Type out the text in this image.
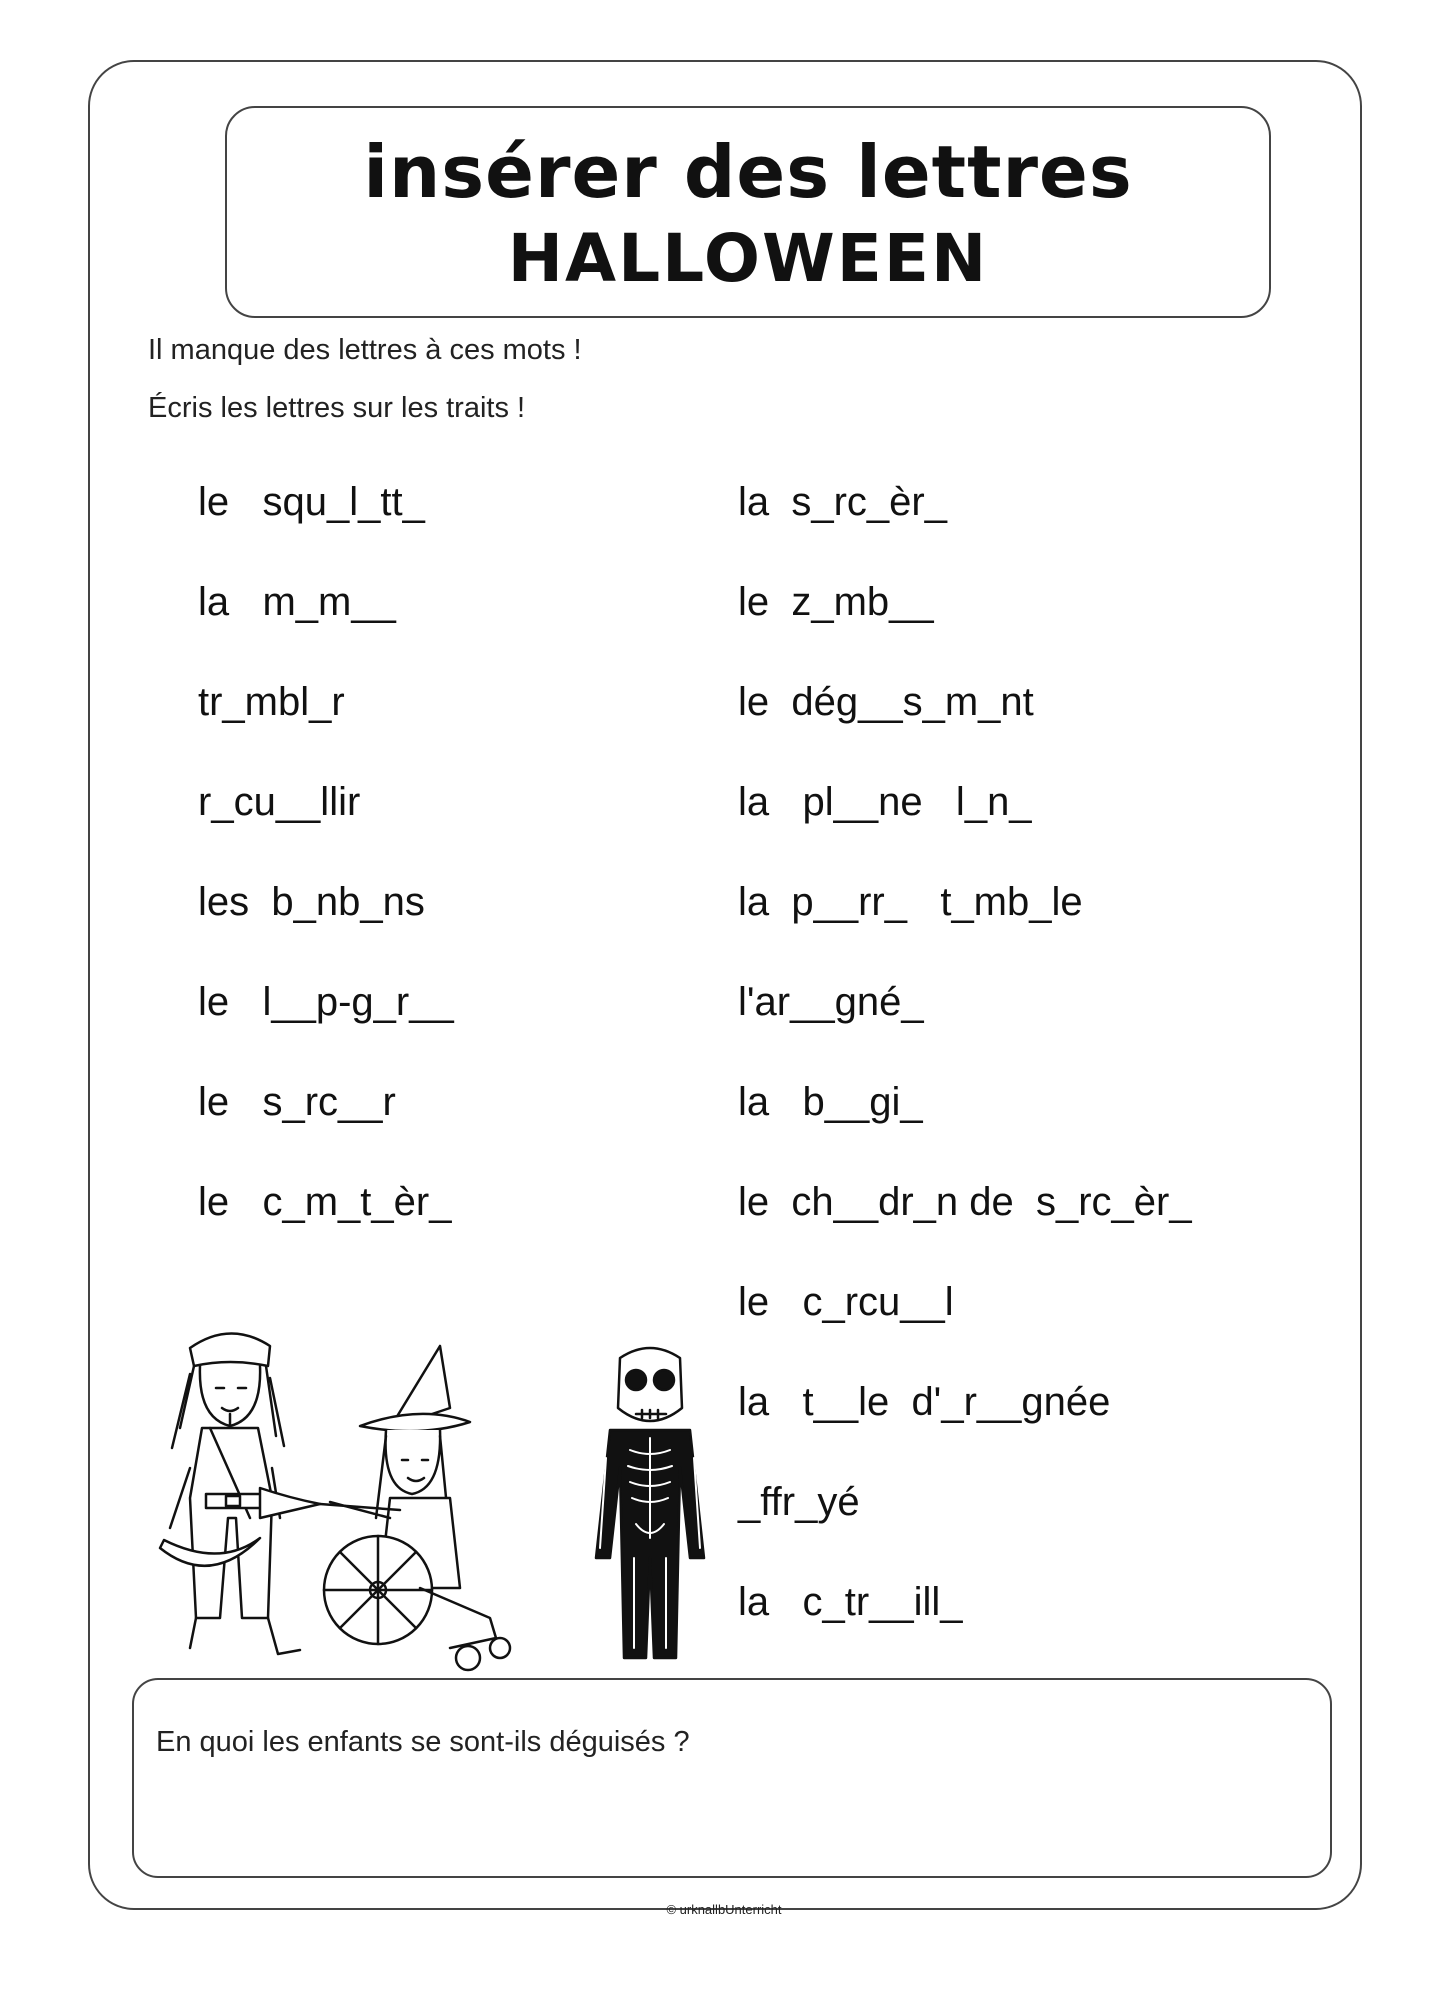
insérer des lettres
HALLOWEEN
Il manque des lettres à ces mots !
Écris les lettres sur les traits !
le   squ_l_tt_
la   m_m__
tr_mbl_r
r_cu__llir
les  b_nb_ns
le   l__p-g_r__
le   s_rc__r
le   c_m_t_èr_
la  s_rc_èr_
le  z_mb__
le  dég__s_m_nt
la   pl__ne   l_n_
la  p__rr_   t_mb_le
l'ar__gné_
la   b__gi_
le  ch__dr_n de  s_rc_èr_
le   c_rcu__l
la   t__le  d'_r__gnée
_ffr_yé
la   c_tr__ill_
En quoi les enfants se sont-ils déguisés ?
© urknallbUnterricht
